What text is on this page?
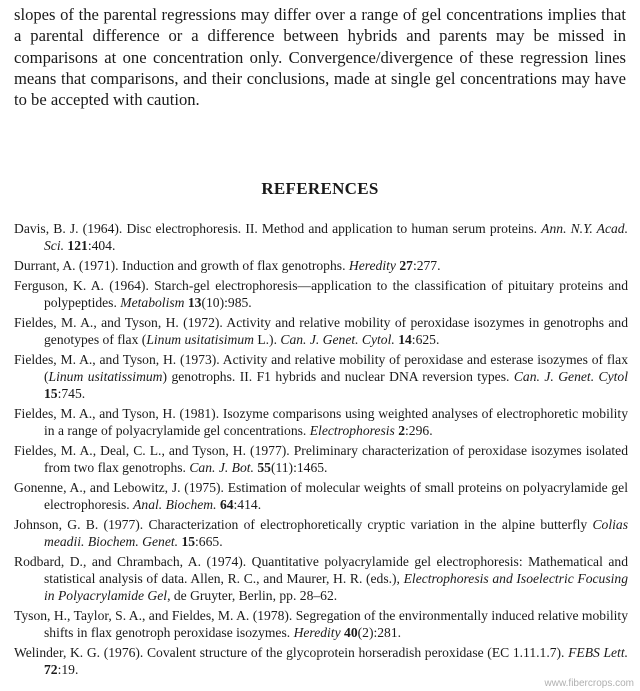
slopes of the parental regressions may differ over a range of gel concentrations implies that a parental difference or a difference between hybrids and parents may be missed in comparisons at one concentration only. Convergence/divergence of these regression lines means that comparisons, and their conclusions, made at single gel concentrations may have to be accepted with caution.

REFERENCES
Davis, B. J. (1964). Disc electrophoresis. II. Method and application to human serum proteins. Ann. N.Y. Acad. Sci. 121:404.
Durrant, A. (1971). Induction and growth of flax genotrophs. Heredity 27:277.
Ferguson, K. A. (1964). Starch-gel electrophoresis—application to the classification of pituitary proteins and polypeptides. Metabolism 13(10):985.
Fieldes, M. A., and Tyson, H. (1972). Activity and relative mobility of peroxidase isozymes in genotrophs and genotypes of flax (Linum usitatisimum L.). Can. J. Genet. Cytol. 14:625.
Fieldes, M. A., and Tyson, H. (1973). Activity and relative mobility of peroxidase and esterase isozymes of flax (Linum usitatissimum) genotrophs. II. F1 hybrids and nuclear DNA reversion types. Can. J. Genet. Cytol 15:745.
Fieldes, M. A., and Tyson, H. (1981). Isozyme comparisons using weighted analyses of electrophoretic mobility in a range of polyacrylamide gel concentrations. Electrophoresis 2:296.
Fieldes, M. A., Deal, C. L., and Tyson, H. (1977). Preliminary characterization of peroxidase isozymes isolated from two flax genotrophs. Can. J. Bot. 55(11):1465.
Gonenne, A., and Lebowitz, J. (1975). Estimation of molecular weights of small proteins on polyacrylamide gel electrophoresis. Anal. Biochem. 64:414.
Johnson, G. B. (1977). Characterization of electrophoretically cryptic variation in the alpine butterfly Colias meadii. Biochem. Genet. 15:665.
Rodbard, D., and Chrambach, A. (1974). Quantitative polyacrylamide gel electrophoresis: Mathematical and statistical analysis of data. Allen, R. C., and Maurer, H. R. (eds.), Electrophoresis and Isoelectric Focusing in Polyacrylamide Gel, de Gruyter, Berlin, pp. 28–62.
Tyson, H., Taylor, S. A., and Fieldes, M. A. (1978). Segregation of the environmentally induced relative mobility shifts in flax genotroph peroxidase isozymes. Heredity 40(2):281.
Welinder, K. G. (1976). Covalent structure of the glycoprotein horseradish peroxidase (EC 1.11.1.7). FEBS Lett. 72:19.
www.fibercrops.com
